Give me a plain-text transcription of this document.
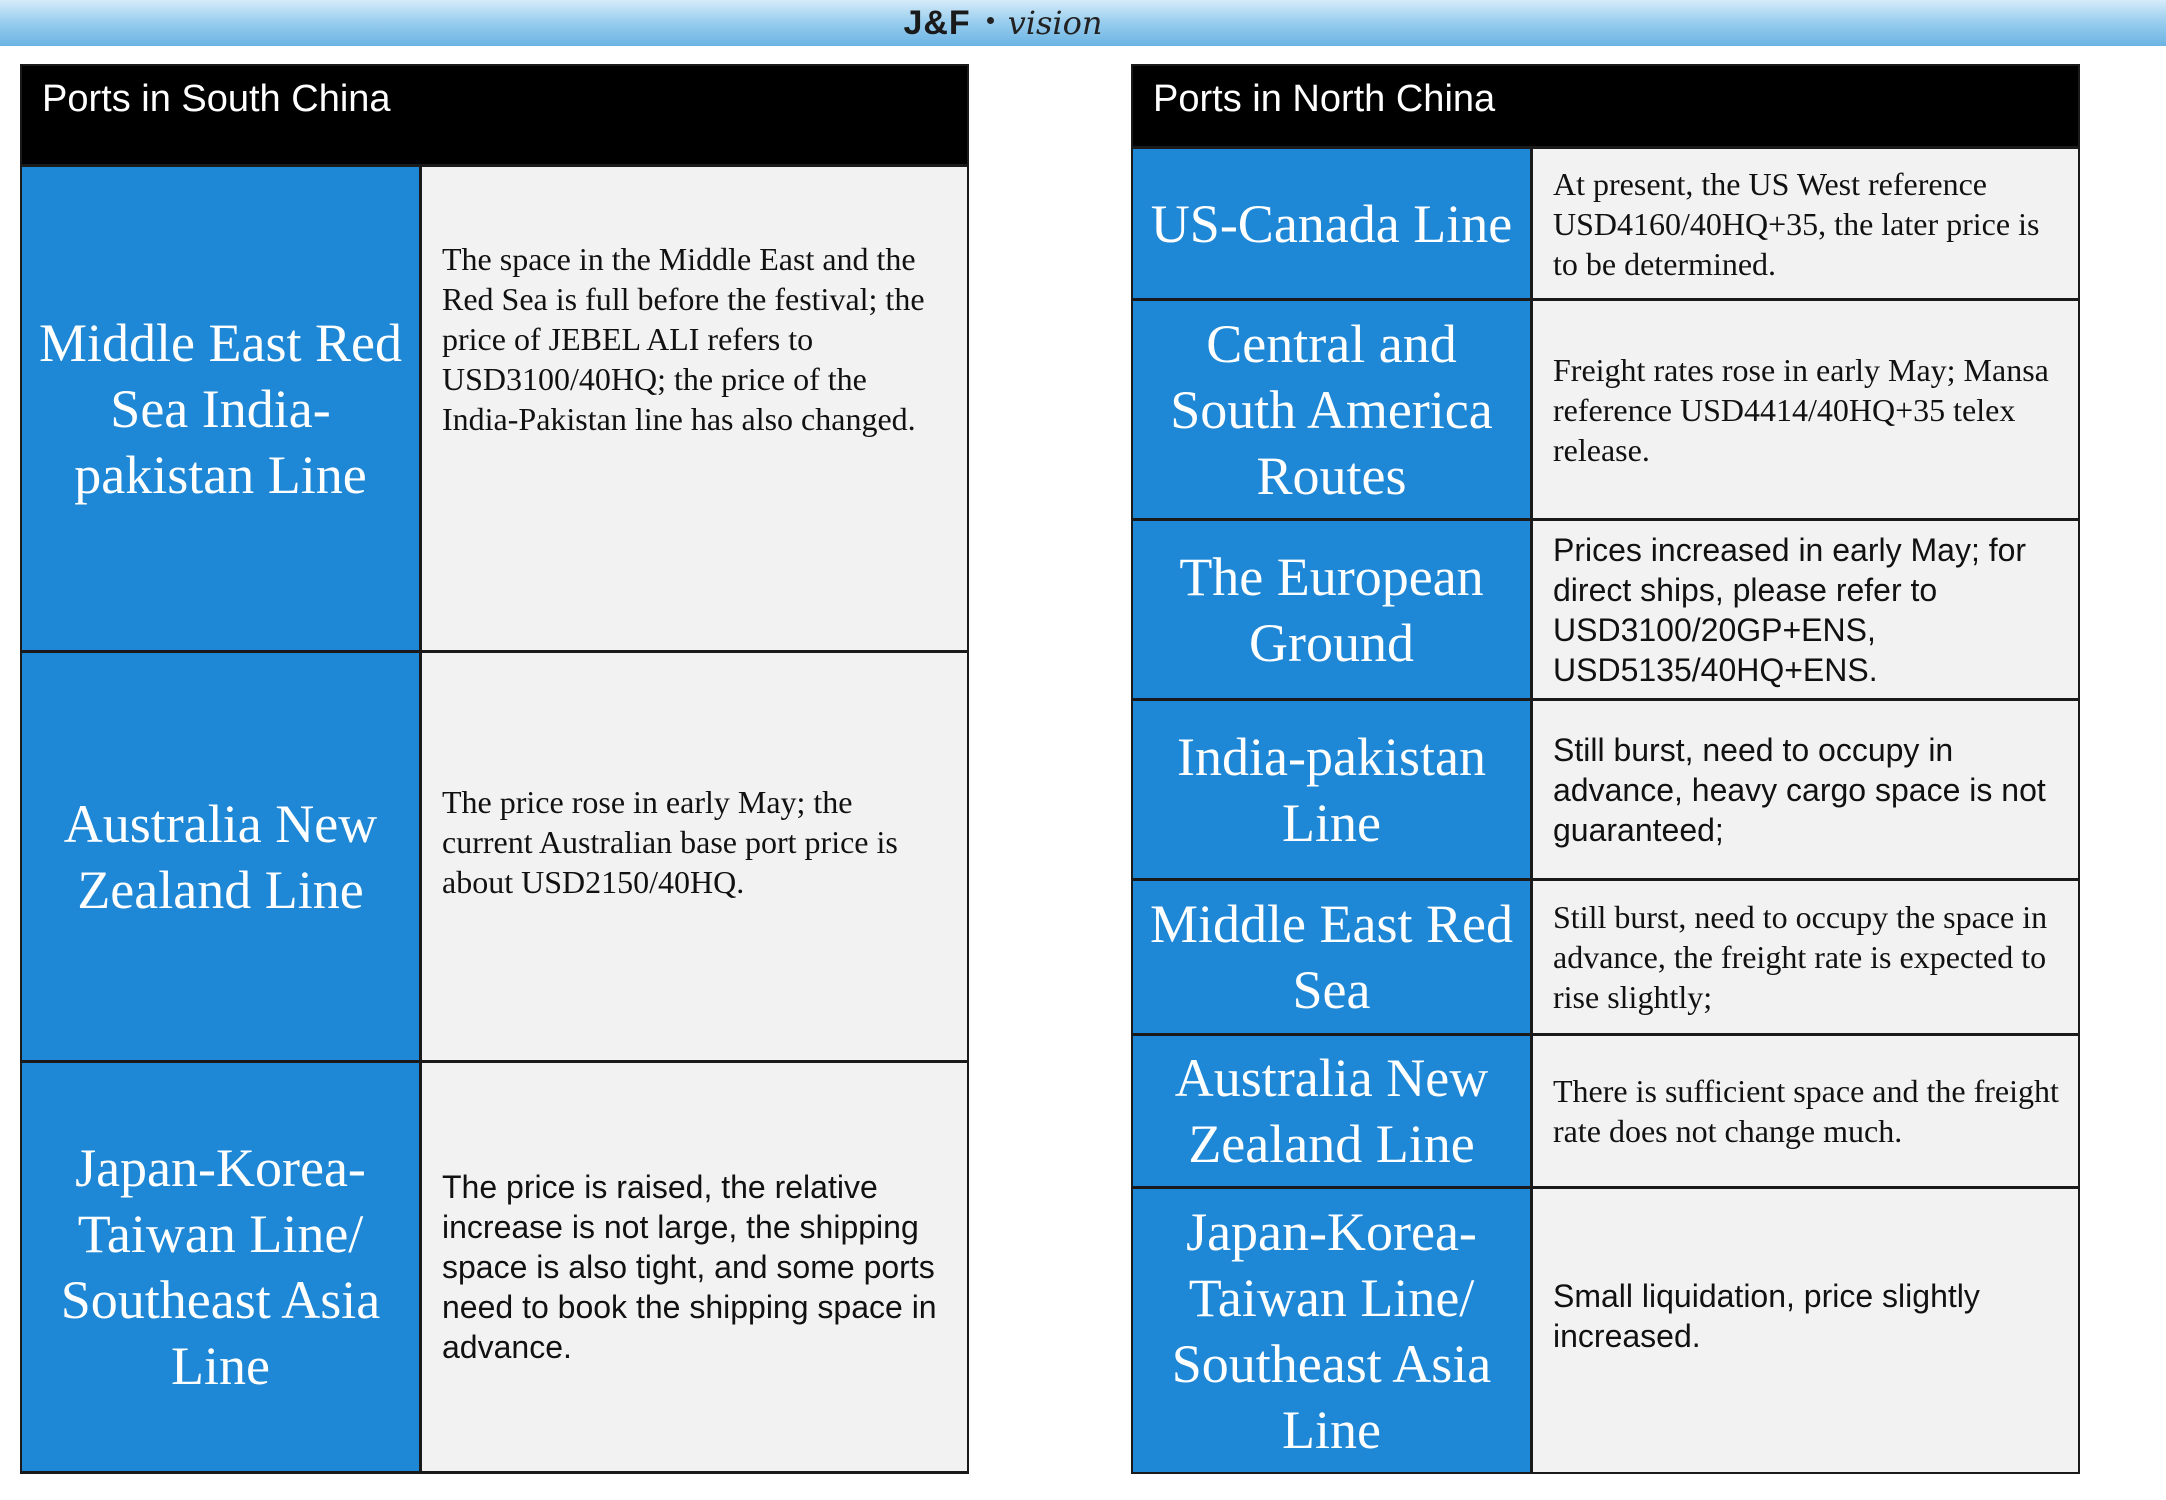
J&F vision
Ports in South China
Middle East Red Sea India-pakistan Line
The space in the Middle East and the Red Sea is full before the festival; the price of JEBEL ALI refers to USD3100/40HQ; the price of the India-Pakistan line has also changed.
Australia New Zealand Line
The price rose in early May; the current Australian base port price is about USD2150/40HQ.
Japan-Korea-Taiwan Line/ Southeast Asia Line
The price is raised, the relative increase is not large, the shipping space is also tight, and some ports need to book the shipping space in advance.
Ports in North China
US-Canada Line
At present, the US West reference USD4160/40HQ+35, the later price is to be determined.
Central and South America Routes
Freight rates rose in early May; Mansa reference USD4414/40HQ+35 telex release.
The European Ground
Prices increased in early May; for direct ships, please refer to USD3100/20GP+ENS, USD5135/40HQ+ENS.
India-pakistan Line
Still burst, need to occupy in advance, heavy cargo space is not guaranteed;
Middle East Red Sea
Still burst, need to occupy the space in advance, the freight rate is expected to rise slightly;
Australia New Zealand Line
There is sufficient space and the freight rate does not change much.
Japan-Korea-Taiwan Line/ Southeast Asia Line
Small liquidation, price slightly increased.
